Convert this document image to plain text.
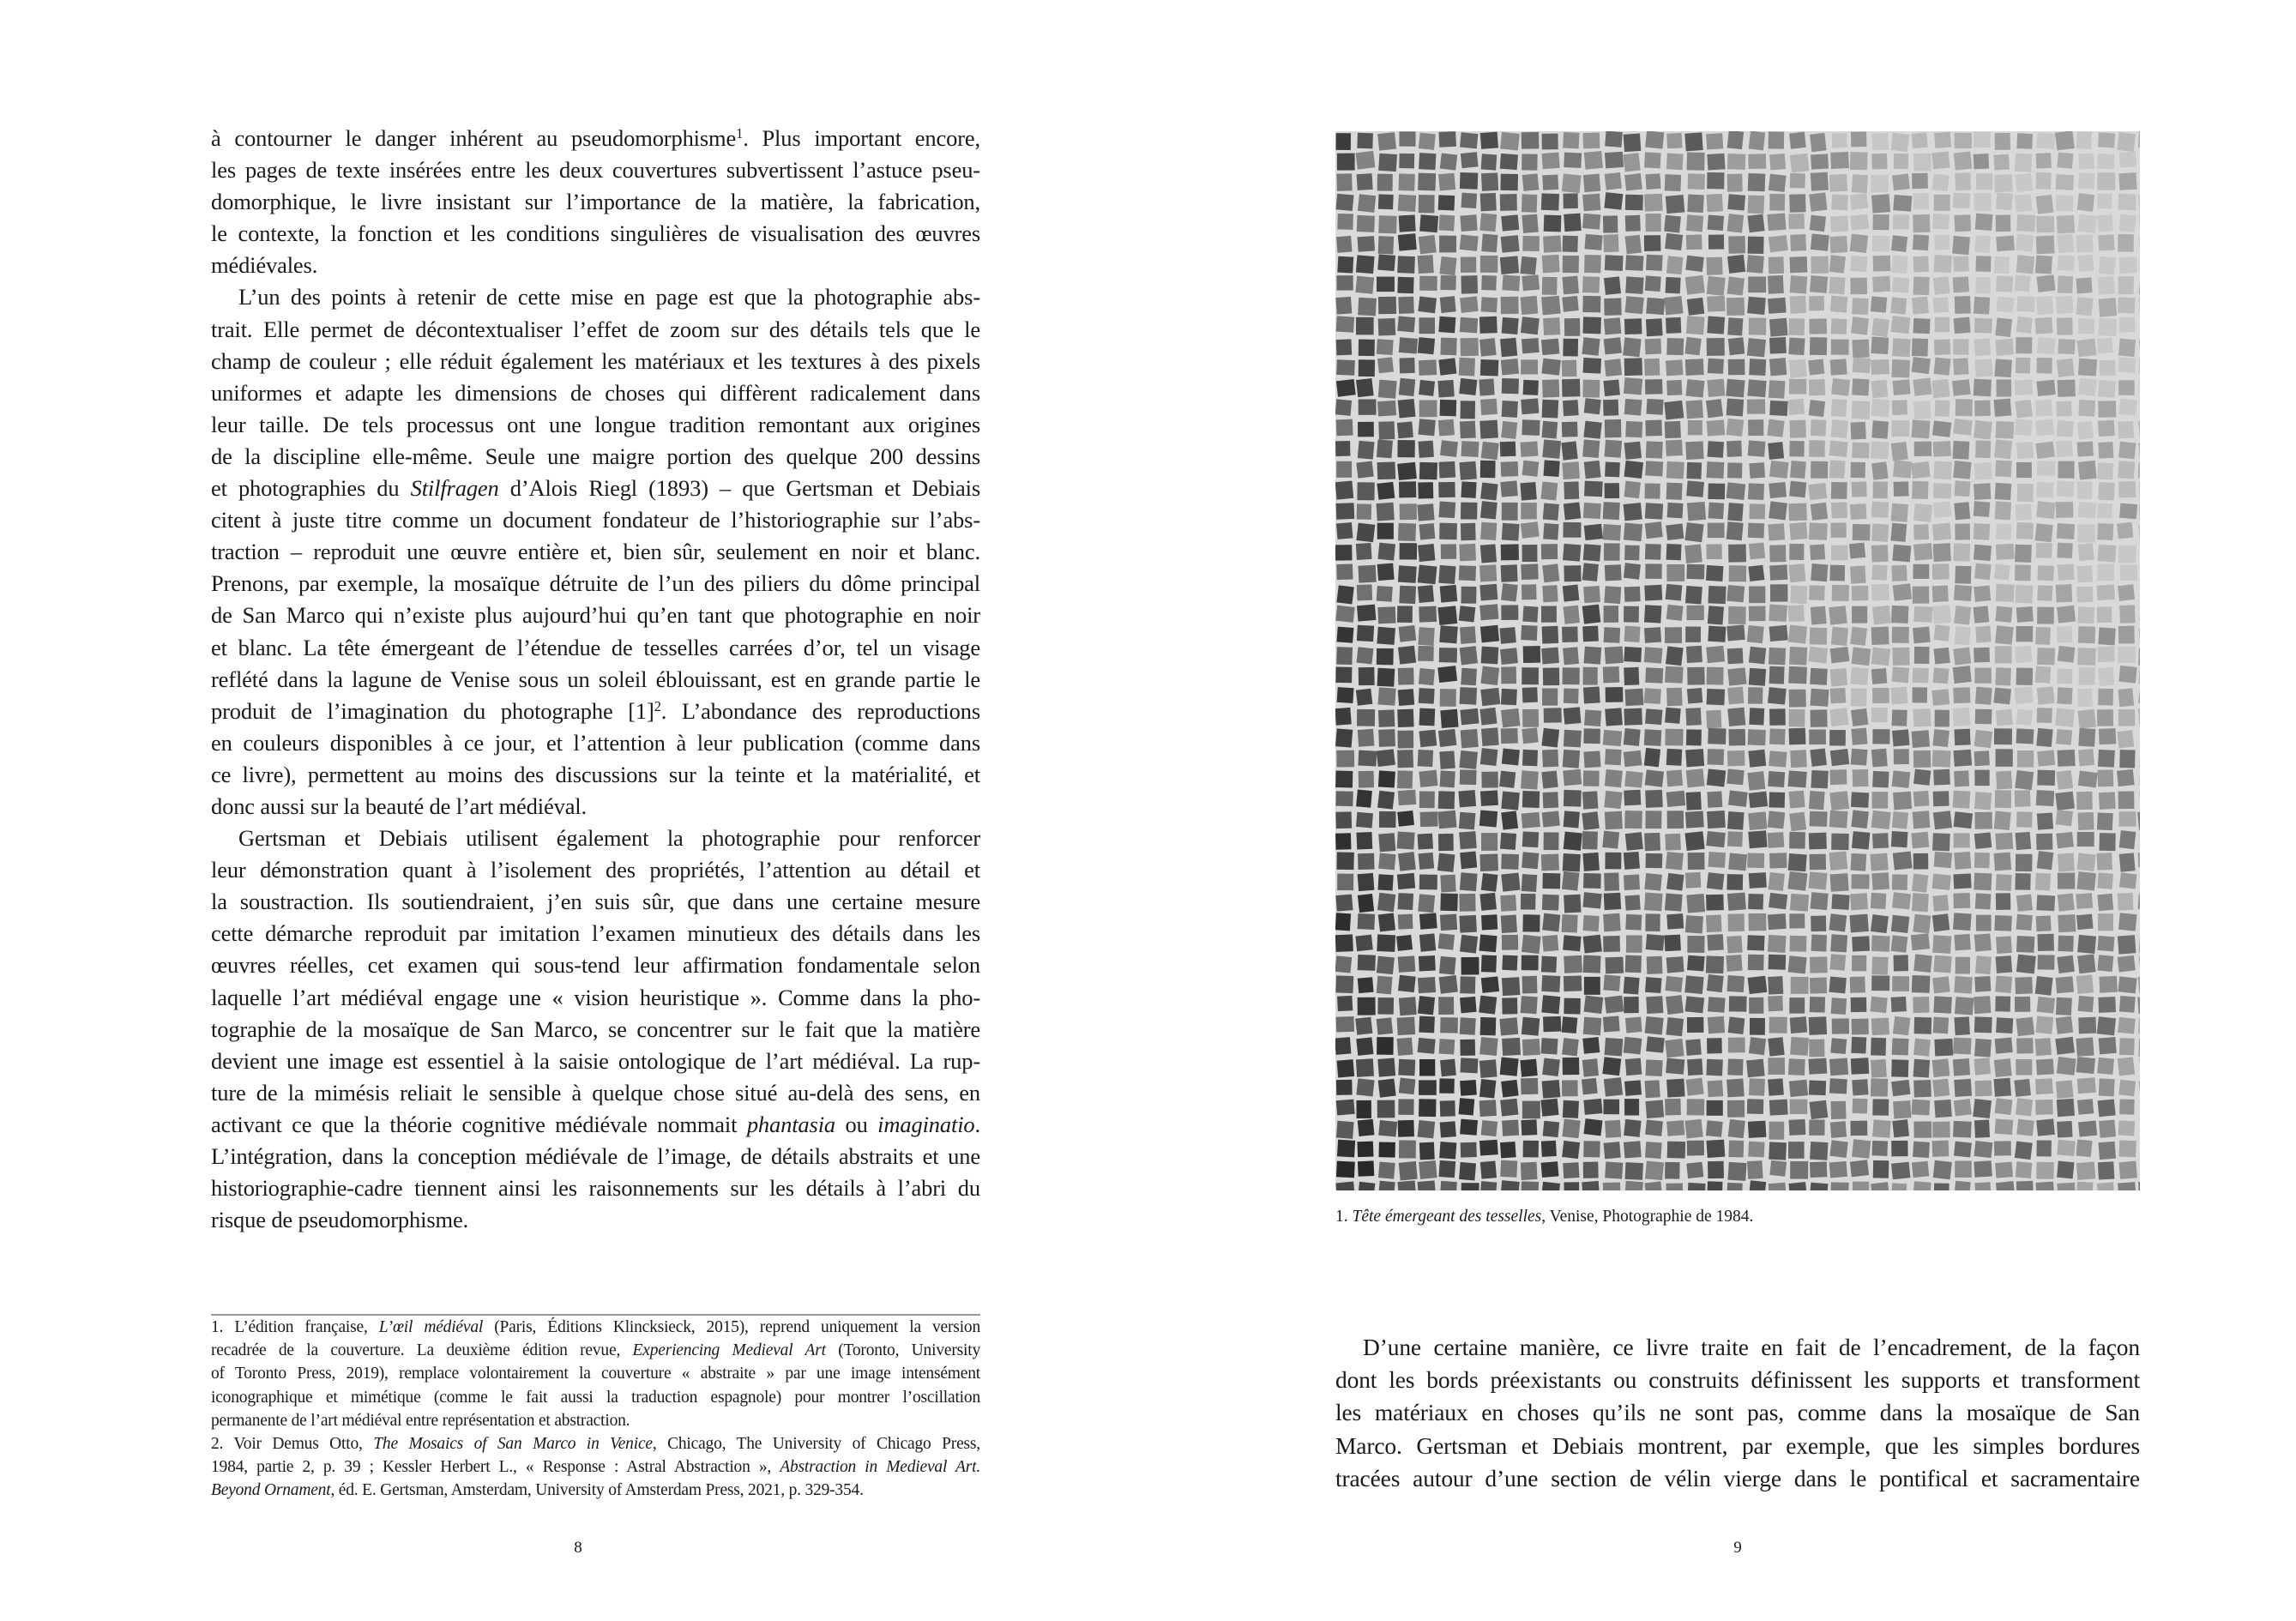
à contourner le danger inhérent au pseudomorphisme$^1$. Plus important encore,
les pages de texte insérées entre les deux couvertures subvertissent l’astuce pseu-
domorphique, le livre insistant sur l’importance de la matière, la fabrication,
le contexte, la fonction et les conditions singulières de visualisation des œuvres
médiévales.
L’un des points à retenir de cette mise en page est que la photographie abs-
trait. Elle permet de décontextualiser l’effet de zoom sur des détails tels que le
champ de couleur ; elle réduit également les matériaux et les textures à des pixels
uniformes et adapte les dimensions de choses qui diffèrent radicalement dans
leur taille. De tels processus ont une longue tradition remontant aux origines
de la discipline elle-même. Seule une maigre portion des quelque 200 dessins
et photographies du Stilfragen d’Alois Riegl (1893) – que Gertsman et Debiais
citent à juste titre comme un document fondateur de l’historiographie sur l’abs-
traction – reproduit une œuvre entière et, bien sûr, seulement en noir et blanc.
Prenons, par exemple, la mosaïque détruite de l’un des piliers du dôme principal
de San Marco qui n’existe plus aujourd’hui qu’en tant que photographie en noir
et blanc. La tête émergeant de l’étendue de tesselles carrées d’or, tel un visage
reflété dans la lagune de Venise sous un soleil éblouissant, est en grande partie le
produit de l’imagination du photographe $[1]^2$. L’abondance des reproductions
en couleurs disponibles à ce jour, et l’attention à leur publication (comme dans
ce livre), permettent au moins des discussions sur la teinte et la matérialité, et
donc aussi sur la beauté de l’art médiéval.
Gertsman et Debiais utilisent également la photographie pour renforcer
leur démonstration quant à l’isolement des propriétés, l’attention au détail et
la soustraction. Ils soutiendraient, j’en suis sûr, que dans une certaine mesure
cette démarche reproduit par imitation l’examen minutieux des détails dans les
œuvres réelles, cet examen qui sous-tend leur affirmation fondamentale selon
laquelle l’art médiéval engage une « vision heuristique ». Comme dans la pho-
tographie de la mosaïque de San Marco, se concentrer sur le fait que la matière
devient une image est essentiel à la saisie ontologique de l’art médiéval. La rup-
ture de la mimésis reliait le sensible à quelque chose situé au-delà des sens, en
activant ce que la théorie cognitive médiévale nommait phantasia ou imaginatio.
L’intégration, dans la conception médiévale de l’image, de détails abstraits et une
historiographie-cadre tiennent ainsi les raisonnements sur les détails à l’abri du
risque de pseudomorphisme.
1. L’édition française, L’œil médiéval (Paris, Éditions Klincksieck, 2015), reprend uniquement la version
recadrée de la couverture. La deuxième édition revue, Experiencing Medieval Art (Toronto, University
of Toronto Press, 2019), remplace volontairement la couverture « abstraite » par une image intensément
iconographique et mimétique (comme le fait aussi la traduction espagnole) pour montrer l’oscillation
permanente de l’art médiéval entre représentation et abstraction.
2. Voir Demus Otto, The Mosaics of San Marco in Venice, Chicago, The University of Chicago Press,
1984, partie 2, p. 39 ; Kessler Herbert L., « Response : Astral Abstraction », Abstraction in Medieval Art.
Beyond Ornament, éd. E. Gertsman, Amsterdam, University of Amsterdam Press, 2021, p. 329-354.
8
1. Tête émergeant des tesselles, Venise, Photographie de 1984.
D’une certaine manière, ce livre traite en fait de l’encadrement, de la façon
dont les bords préexistants ou construits définissent les supports et transforment
les matériaux en choses qu’ils ne sont pas, comme dans la mosaïque de San
Marco. Gertsman et Debiais montrent, par exemple, que les simples bordures
tracées autour d’une section de vélin vierge dans le pontifical et sacramentaire
9
